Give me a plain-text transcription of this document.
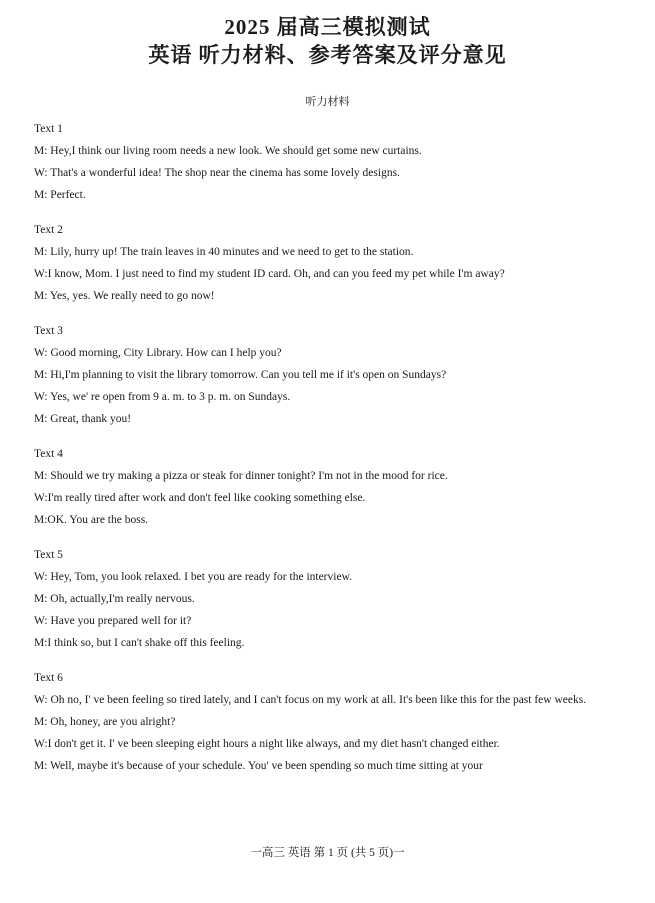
2025 届高三模拟测试
英语 听力材料、参考答案及评分意见
听力材料
Text 1
M: Hey,I think our living room needs a new look. We should get some new curtains.
W: That's a wonderful idea! The shop near the cinema has some lovely designs.
M: Perfect.
Text 2
M: Lily, hurry up! The train leaves in 40 minutes and we need to get to the station.
W:I know, Mom. I just need to find my student ID card. Oh, and can you feed my pet while I'm away?
M: Yes, yes. We really need to go now!
Text 3
W: Good morning, City Library. How can I help you?
M: Hi,I'm planning to visit the library tomorrow. Can you tell me if it's open on Sundays?
W: Yes, we' re open from 9 a. m. to 3 p. m. on Sundays.
M: Great, thank you!
Text 4
M: Should we try making a pizza or steak for dinner tonight? I'm not in the mood for rice.
W:I'm really tired after work and don't feel like cooking something else.
M:OK. You are the boss.
Text 5
W: Hey, Tom, you look relaxed. I bet you are ready for the interview.
M: Oh, actually,I'm really nervous.
W: Have you prepared well for it?
M:I think so, but I can't shake off this feeling.
Text 6
W: Oh no, I' ve been feeling so tired lately, and I can't focus on my work at all. It's been like this for the past few weeks.
M: Oh, honey, are you alright?
W:I don't get it. I' ve been sleeping eight hours a night like always, and my diet hasn't changed either.
M: Well, maybe it's because of your schedule. You' ve been spending so much time sitting at your
一高三 英语 第 1 页 (共 5 页)一
